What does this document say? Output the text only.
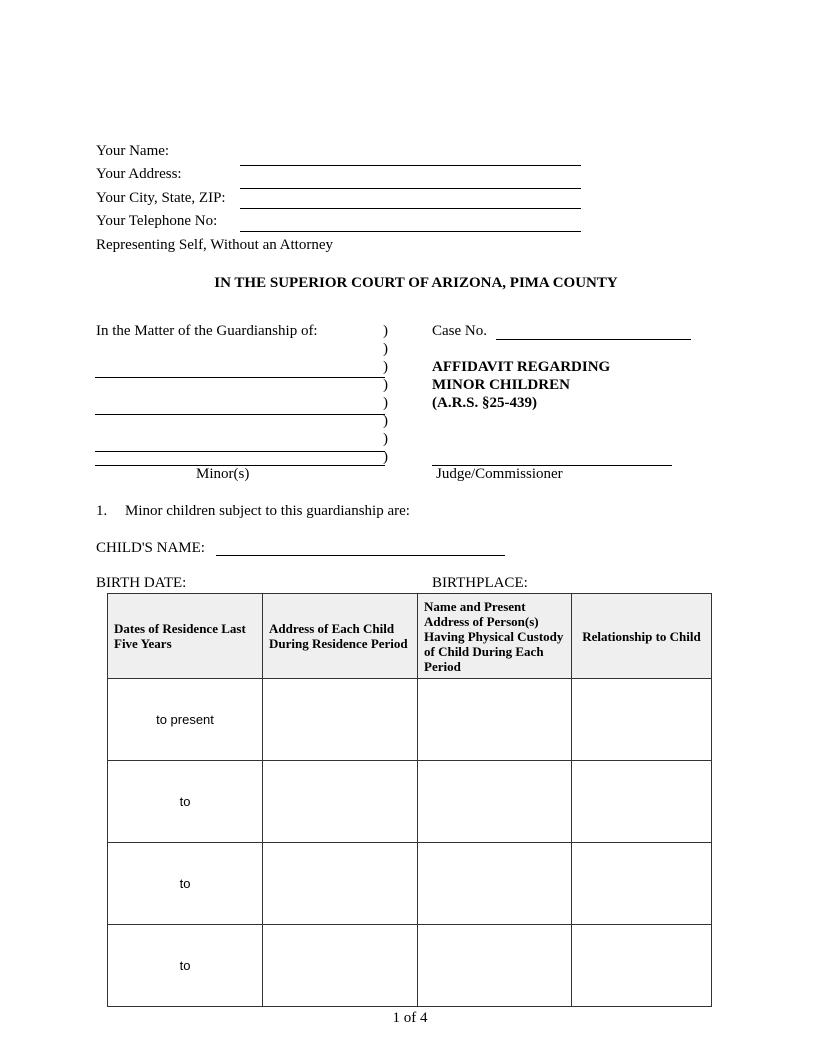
Your Name:
Your Address:
Your City, State, ZIP:
Your Telephone No:
Representing Self, Without an Attorney
IN THE SUPERIOR COURT OF ARIZONA, PIMA COUNTY
In the Matter of the Guardianship of:	)
)
)
)
)
)
)
)
Minor(s)
Case No.
AFFIDAVIT REGARDING
MINOR CHILDREN
(A.R.S. §25-439)
Judge/Commissioner
1. Minor children subject to this guardianship are:
CHILD'S NAME:
BIRTH DATE:	BIRTHPLACE:
Dates of Residence Last Five Years	Address of Each Child During Residence Period	Name and Present Address of Person(s) Having Physical Custody of Child During Each Period	Relationship to Child
to present			
to			
to			
to			
1 of 4
